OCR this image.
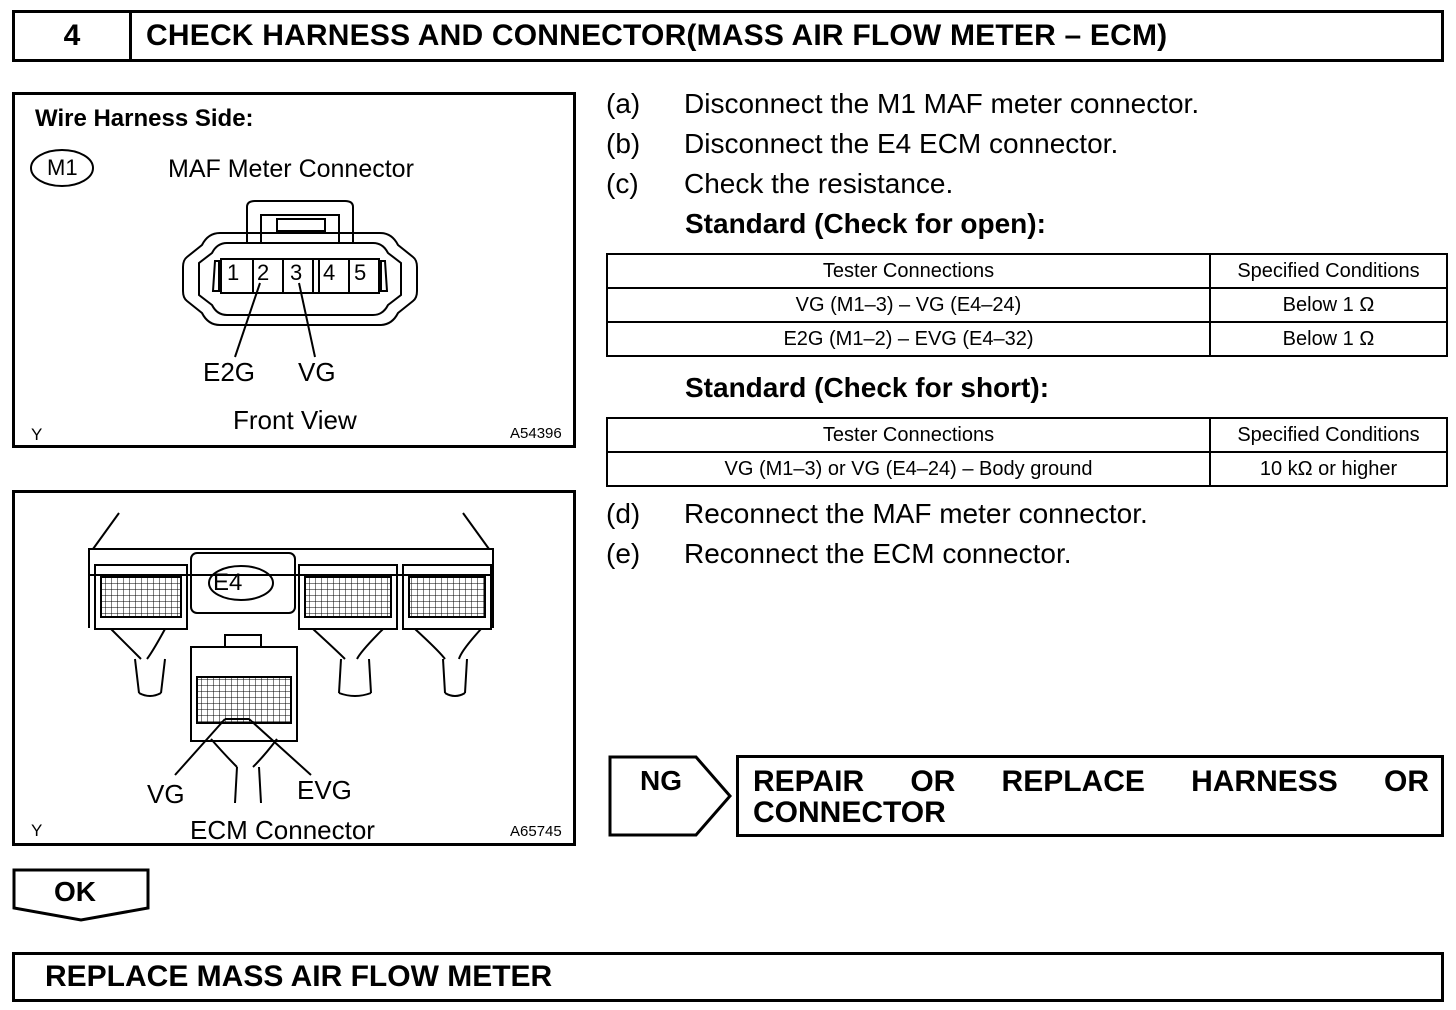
4	CHECK HARNESS AND CONNECTOR(MASS AIR FLOW METER – ECM)
Wire Harness Side:
M1	MAF Meter Connector
1 2 3 4 5
E2G VG
Front View
Y	A54396
E4
VG	EVG
ECM Connector
Y	A65745
(a) Disconnect the M1 MAF meter connector.
(b) Disconnect the E4 ECM connector.
(c) Check the resistance.
Standard (Check for open):
Tester Connections	Specified Conditions
VG (M1–3) – VG (E4–24)	Below 1 Ω
E2G (M1–2) – EVG (E4–32)	Below 1 Ω
Standard (Check for short):
Tester Connections	Specified Conditions
VG (M1–3) or VG (E4–24) – Body ground	10 kΩ or higher
(d) Reconnect the MAF meter connector.
(e) Reconnect the ECM connector.
NG REPAIR OR REPLACE HARNESS OR
CONNECTOR
OK
REPLACE MASS AIR FLOW METER
